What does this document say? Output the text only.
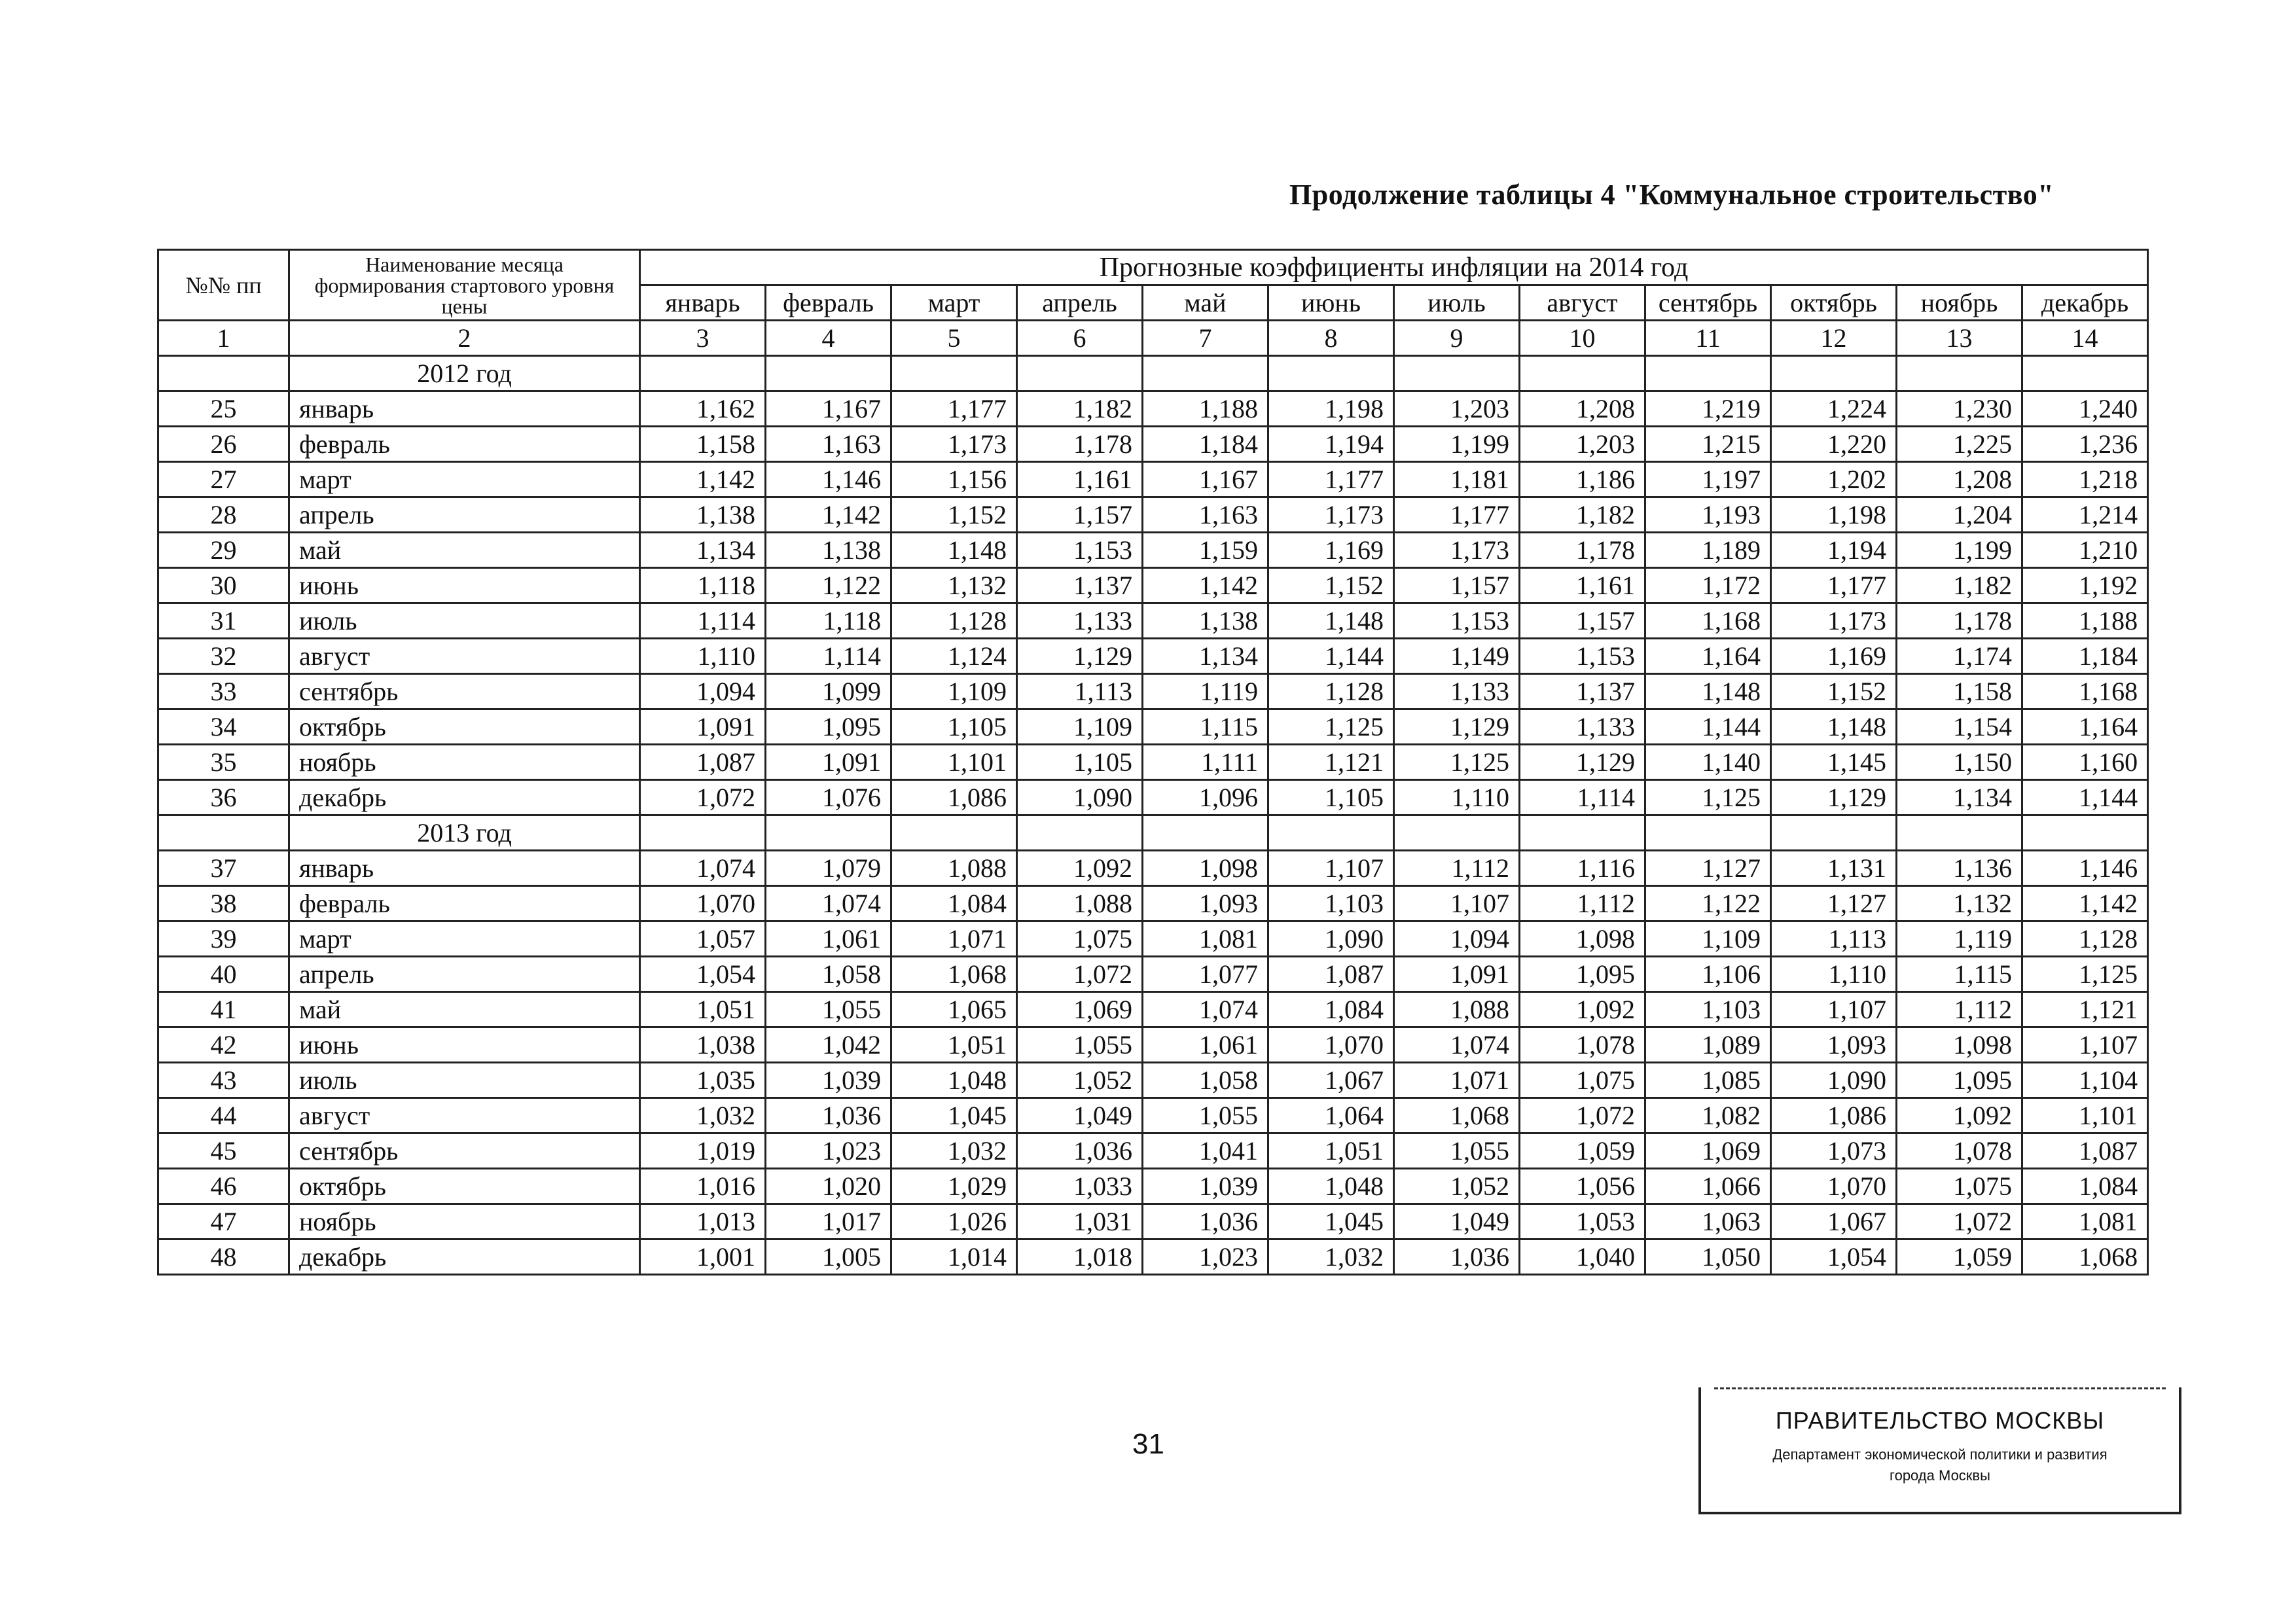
Продолжение таблицы 4 "Коммунальное строительство"
№№ пп	Наименование месяца формирования стартового уровня цены	Прогнозные коэффициенты инфляции на 2014 год											
		январь	февраль	март	апрель	май	июнь	июль	август	сентябрь	октябрь	ноябрь	декабрь
1	2	3	4	5	6	7	8	9	10	11	12	13	14
	2012 год												
25	январь	1,162	1,167	1,177	1,182	1,188	1,198	1,203	1,208	1,219	1,224	1,230	1,240
26	февраль	1,158	1,163	1,173	1,178	1,184	1,194	1,199	1,203	1,215	1,220	1,225	1,236
27	март	1,142	1,146	1,156	1,161	1,167	1,177	1,181	1,186	1,197	1,202	1,208	1,218
28	апрель	1,138	1,142	1,152	1,157	1,163	1,173	1,177	1,182	1,193	1,198	1,204	1,214
29	май	1,134	1,138	1,148	1,153	1,159	1,169	1,173	1,178	1,189	1,194	1,199	1,210
30	июнь	1,118	1,122	1,132	1,137	1,142	1,152	1,157	1,161	1,172	1,177	1,182	1,192
31	июль	1,114	1,118	1,128	1,133	1,138	1,148	1,153	1,157	1,168	1,173	1,178	1,188
32	август	1,110	1,114	1,124	1,129	1,134	1,144	1,149	1,153	1,164	1,169	1,174	1,184
33	сентябрь	1,094	1,099	1,109	1,113	1,119	1,128	1,133	1,137	1,148	1,152	1,158	1,168
34	октябрь	1,091	1,095	1,105	1,109	1,115	1,125	1,129	1,133	1,144	1,148	1,154	1,164
35	ноябрь	1,087	1,091	1,101	1,105	1,111	1,121	1,125	1,129	1,140	1,145	1,150	1,160
36	декабрь	1,072	1,076	1,086	1,090	1,096	1,105	1,110	1,114	1,125	1,129	1,134	1,144
	2013 год												
37	январь	1,074	1,079	1,088	1,092	1,098	1,107	1,112	1,116	1,127	1,131	1,136	1,146
38	февраль	1,070	1,074	1,084	1,088	1,093	1,103	1,107	1,112	1,122	1,127	1,132	1,142
39	март	1,057	1,061	1,071	1,075	1,081	1,090	1,094	1,098	1,109	1,113	1,119	1,128
40	апрель	1,054	1,058	1,068	1,072	1,077	1,087	1,091	1,095	1,106	1,110	1,115	1,125
41	май	1,051	1,055	1,065	1,069	1,074	1,084	1,088	1,092	1,103	1,107	1,112	1,121
42	июнь	1,038	1,042	1,051	1,055	1,061	1,070	1,074	1,078	1,089	1,093	1,098	1,107
43	июль	1,035	1,039	1,048	1,052	1,058	1,067	1,071	1,075	1,085	1,090	1,095	1,104
44	август	1,032	1,036	1,045	1,049	1,055	1,064	1,068	1,072	1,082	1,086	1,092	1,101
45	сентябрь	1,019	1,023	1,032	1,036	1,041	1,051	1,055	1,059	1,069	1,073	1,078	1,087
46	октябрь	1,016	1,020	1,029	1,033	1,039	1,048	1,052	1,056	1,066	1,070	1,075	1,084
47	ноябрь	1,013	1,017	1,026	1,031	1,036	1,045	1,049	1,053	1,063	1,067	1,072	1,081
48	декабрь	1,001	1,005	1,014	1,018	1,023	1,032	1,036	1,040	1,050	1,054	1,059	1,068
31
ПРАВИТЕЛЬСТВО МОСКВЫ
Департамент экономической политики и развития
города Москвы
